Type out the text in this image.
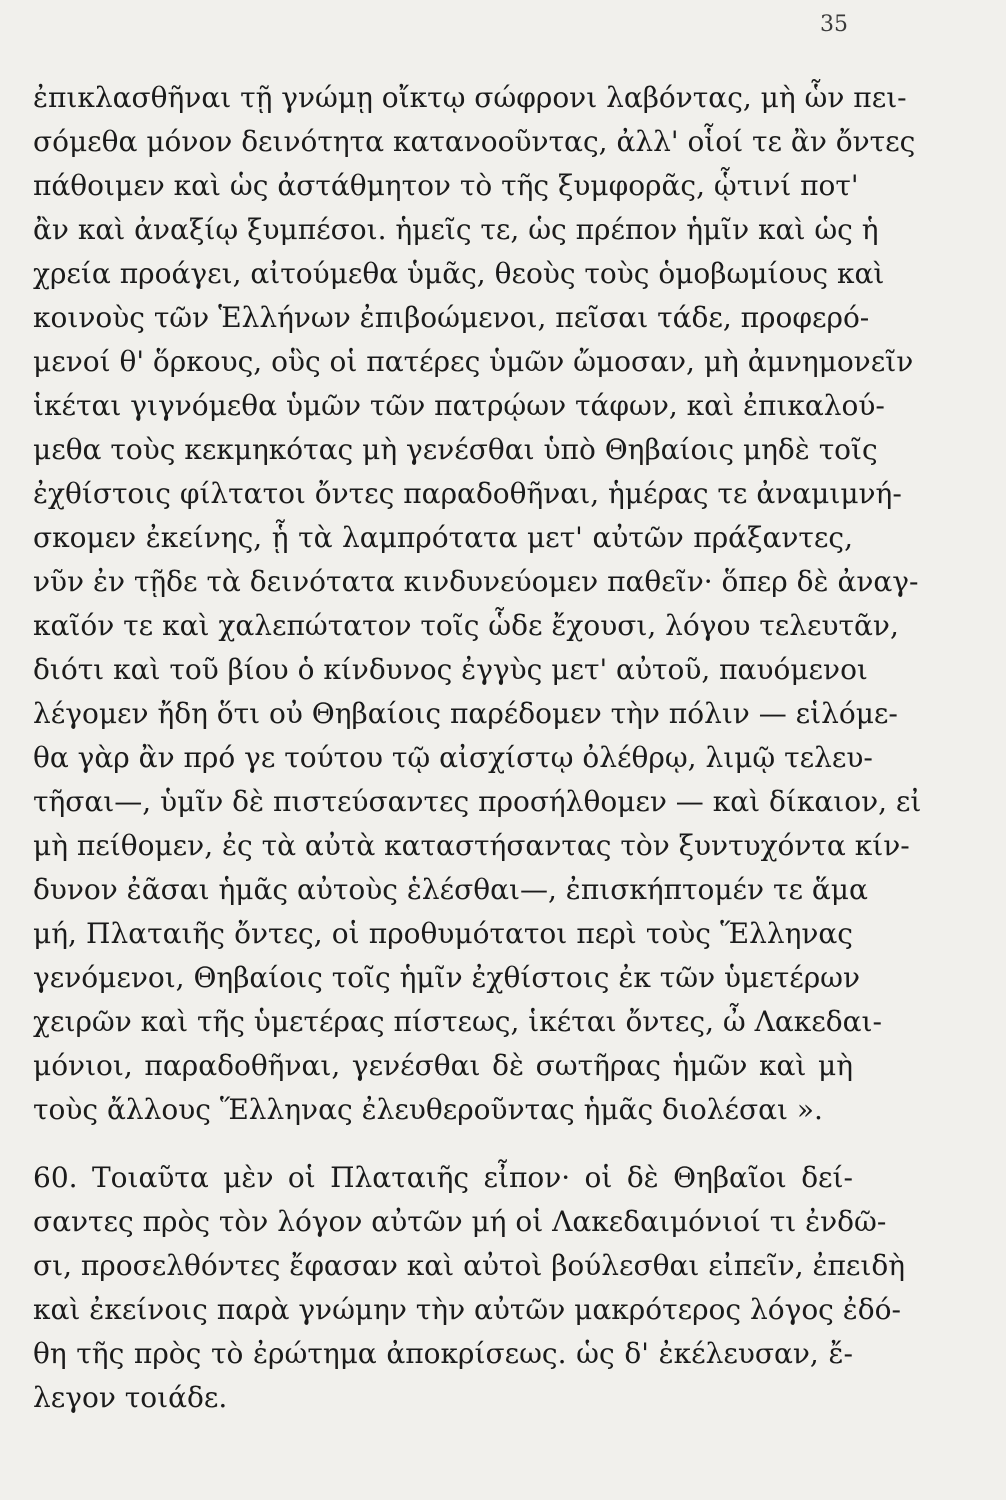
35
ἐπικλασθῆναι τῇ γνώμῃ οἴκτῳ σώφρονι λαβόντας, μὴ ὧν πει-
σόμεθα μόνον δεινότητα κατανοοῦντας, ἀλλ' οἷοί τε ἂν ὄντες
πάθοιμεν καὶ ὡς ἀστάθμητον τὸ τῆς ξυμφορᾶς, ᾧτινί ποτ'
ἂν καὶ ἀναξίῳ ξυμπέσοι. ἡμεῖς τε, ὡς πρέπον ἡμῖν καὶ ὡς ἡ
χρεία προάγει, αἰτούμεθα ὑμᾶς, θεοὺς τοὺς ὁμοβωμίους καὶ
κοινοὺς τῶν Ἑλλήνων ἐπιβοώμενοι, πεῖσαι τάδε, προφερό-
μενοί θ' ὅρκους, οὓς οἱ πατέρες ὑμῶν ὤμοσαν, μὴ ἀμνημονεῖν
ἱκέται γιγνόμεθα ὑμῶν τῶν πατρῴων τάφων, καὶ ἐπικαλού-
μεθα τοὺς κεκμηκότας μὴ γενέσθαι ὑπὸ Θηβαίοις μηδὲ τοῖς
ἐχθίστοις φίλτατοι ὄντες παραδοθῆναι, ἡμέρας τε ἀναμιμνή-
σκομεν ἐκείνης, ᾗ τὰ λαμπρότατα μετ' αὐτῶν πράξαντες,
νῦν ἐν τῇδε τὰ δεινότατα κινδυνεύομεν παθεῖν· ὅπερ δὲ ἀναγ-
καῖόν τε καὶ χαλεπώτατον τοῖς ὧδε ἔχουσι, λόγου τελευτᾶν,
διότι καὶ τοῦ βίου ὁ κίνδυνος ἐγγὺς μετ' αὐτοῦ, παυόμενοι
λέγομεν ἤδη ὅτι οὐ Θηβαίοις παρέδομεν τὴν πόλιν — εἱλόμε-
θα γὰρ ἂν πρό γε τούτου τῷ αἰσχίστῳ ὀλέθρῳ, λιμῷ τελευ-
τῆσαι—, ὑμῖν δὲ πιστεύσαντες προσήλθομεν — καὶ δίκαιον, εἰ
μὴ πείθομεν, ἐς τὰ αὐτὰ καταστήσαντας τὸν ξυντυχόντα κίν-
δυνον ἐᾶσαι ἡμᾶς αὐτοὺς ἑλέσθαι—, ἐπισκήπτομέν τε ἅμα
μή, Πλαταιῆς ὄντες, οἱ προθυμότατοι περὶ τοὺς Ἕλληνας
γενόμενοι, Θηβαίοις τοῖς ἡμῖν ἐχθίστοις ἐκ τῶν ὑμετέρων
χειρῶν καὶ τῆς ὑμετέρας πίστεως, ἱκέται ὄντες, ὦ Λακεδαι-
μόνιοι, παραδοθῆναι, γενέσθαι δὲ σωτῆρας ἡμῶν καὶ μὴ
τοὺς ἄλλους Ἕλληνας ἐλευθεροῦντας ἡμᾶς διολέσαι ».
60. Τοιαῦτα μὲν οἱ Πλαταιῆς εἶπον· οἱ δὲ Θηβαῖοι δεί-
σαντες πρὸς τὸν λόγον αὐτῶν μή οἱ Λακεδαιμόνιοί τι ἐνδῶ-
σι, προσελθόντες ἔφασαν καὶ αὐτοὶ βούλεσθαι εἰπεῖν, ἐπειδὴ
καὶ ἐκείνοις παρὰ γνώμην τὴν αὐτῶν μακρότερος λόγος ἐδό-
θη τῆς πρὸς τὸ ἐρώτημα ἀποκρίσεως. ὡς δ' ἐκέλευσαν, ἔ-
λεγον τοιάδε.
